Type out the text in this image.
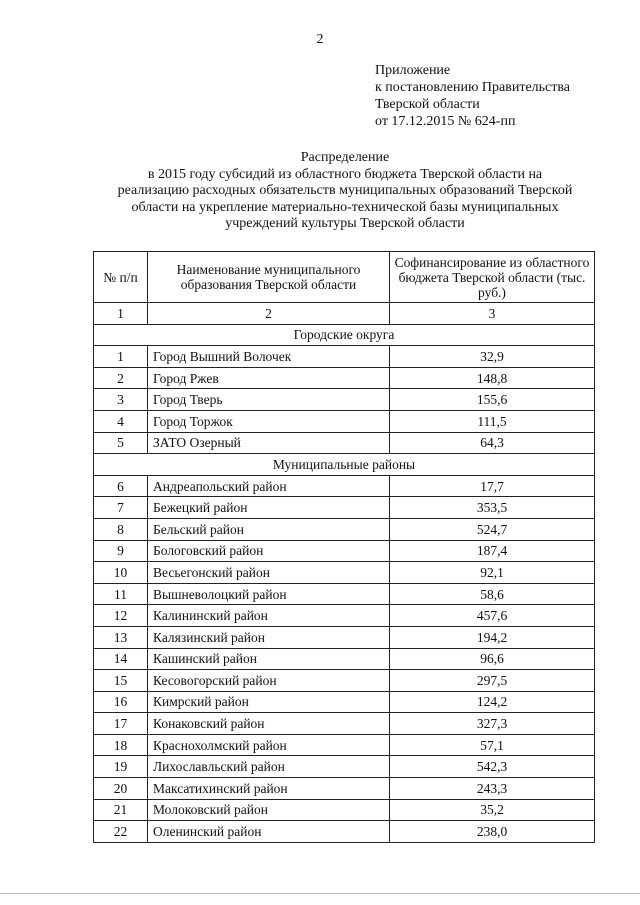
2
Приложение
к постановлению Правительства
Тверской области
от 17.12.2015 № 624-пп
Распределение
в 2015 году субсидий из областного бюджета Тверской области на
реализацию расходных обязательств муниципальных образований Тверской
области на укрепление материально-технической базы муниципальных
учреждений культуры Тверской области
№ п/п	Наименование муниципального образования Тверской области	Софинансирование из областного бюджета Тверской области (тыс. руб.)
1	2	3
Городские округа		
1	Город Вышний Волочек	32,9
2	Город Ржев	148,8
3	Город Тверь	155,6
4	Город Торжок	111,5
5	ЗАТО Озерный	64,3
Муниципальные районы		
6	Андреапольский район	17,7
7	Бежецкий район	353,5
8	Бельский район	524,7
9	Бологовский район	187,4
10	Весьегонский район	92,1
11	Вышневолоцкий район	58,6
12	Калининский район	457,6
13	Калязинский район	194,2
14	Кашинский район	96,6
15	Кесовогорский район	297,5
16	Кимрский район	124,2
17	Конаковский район	327,3
18	Краснохолмский район	57,1
19	Лихославльский район	542,3
20	Максатихинский район	243,3
21	Молоковский район	35,2
22	Оленинский район	238,0
